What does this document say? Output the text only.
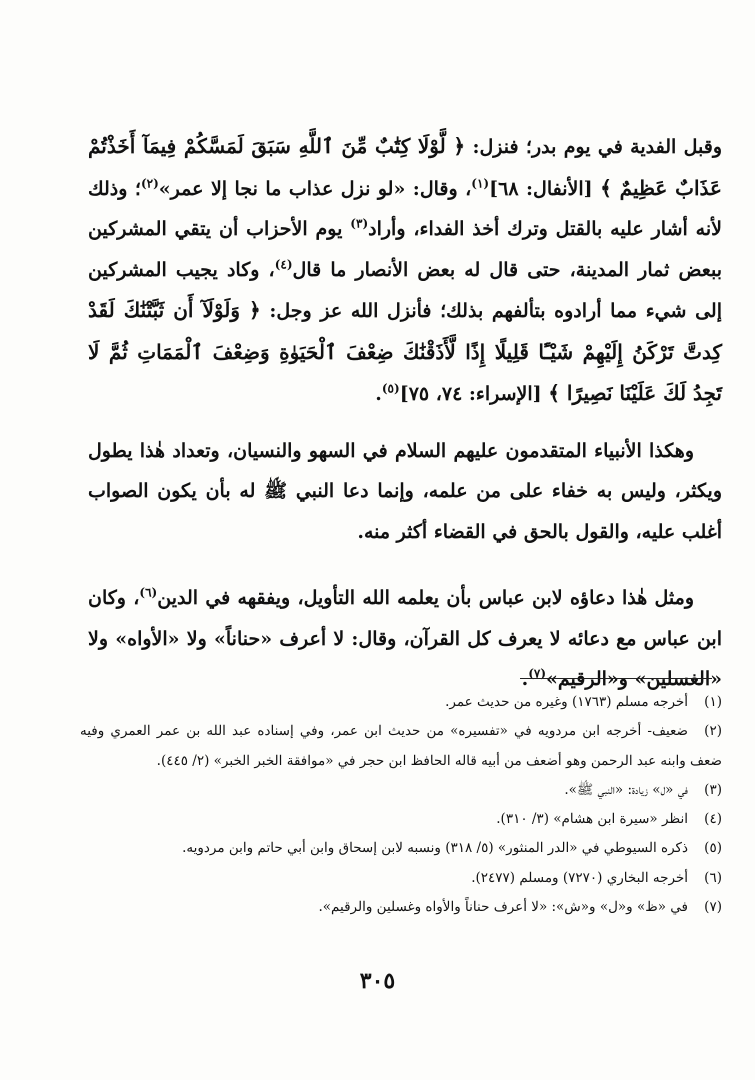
وقبل الفدية في يوم بدر؛ فنزل: ﴿ لَّوْلَا كِتَٰبٌ مِّنَ ٱللَّهِ سَبَقَ لَمَسَّكُمْ فِيمَآ أَخَذْتُمْ عَذَابٌ عَظِيمٌ ﴾ [الأنفال: ٦٨]$^{(١)}$، وقال: «لو نزل عذاب ما نجا إلا عمر»$^{(٢)}$؛ وذلك لأنه أشار عليه بالقتل وترك أخذ الفداء، وأراد$^{(٣)}$ يوم الأحزاب أن يتقي المشركين ببعض ثمار المدينة، حتى قال له بعض الأنصار ما قال$^{(٤)}$، وكاد يجيب المشركين إلى شيء مما أرادوه بتألفهم بذلك؛ فأنزل الله عز وجل: ﴿ وَلَوْلَآ أَن ثَبَّتْنَٰكَ لَقَدْ كِدتَّ تَرْكَنُ إِلَيْهِمْ شَيْـًٔا قَلِيلًا إِذًا لَّأَذَقْنَٰكَ ضِعْفَ ٱلْحَيَوٰةِ وَضِعْفَ ٱلْمَمَاتِ ثُمَّ لَا تَجِدُ لَكَ عَلَيْنَا نَصِيرًا ﴾ [الإسراء: ٧٤، ٧٥]$^{(٥)}$.

وهكذا الأنبياء المتقدمون عليهم السلام في السهو والنسيان، وتعداد هٰذا يطول ويكثر، وليس به خفاء على من علمه، وإنما دعا النبي ﷺ له بأن يكون الصواب أغلب عليه، والقول بالحق في القضاء أكثر منه.

ومثل هٰذا دعاؤه لابن عباس بأن يعلمه الله التأويل، ويفقهه في الدين$^{(٦)}$، وكان ابن عباس مع دعائه لا يعرف كل القرآن، وقال: لا أعرف «حناناً» ولا «الأواه» ولا «الغسلين» و«الرقيم»$^{(٧)}$.

(١)أخرجه مسلم (١٧٦٣) وغيره من حديث عمر.

(٢)ضعيف- أخرجه ابن مردويه في «تفسيره» من حديث ابن عمر، وفي إسناده عبد الله بن عمر العمري وفيه ضعف وابنه عبد الرحمن وهو أضعف من أبيه قاله الحافظ ابن حجر في «موافقة الخبر الخبر» (٢/ ٤٤٥).

(٣)في «ل» زيادة: «النبي ﷺ».

(٤)انظر «سيرة ابن هشام» (٣/ ٣١٠).

(٥)ذكره السيوطي في «الدر المنثور» (٥/ ٣١٨) ونسبه لابن إسحاق وابن أبي حاتم وابن مردويه.

(٦)أخرجه البخاري (٧٢٧٠) ومسلم (٢٤٧٧).

(٧)في «ظ» و«ل» و«ش»: «لا أعرف حناناً والأواه وغسلين والرقيم».

٣٠٥
